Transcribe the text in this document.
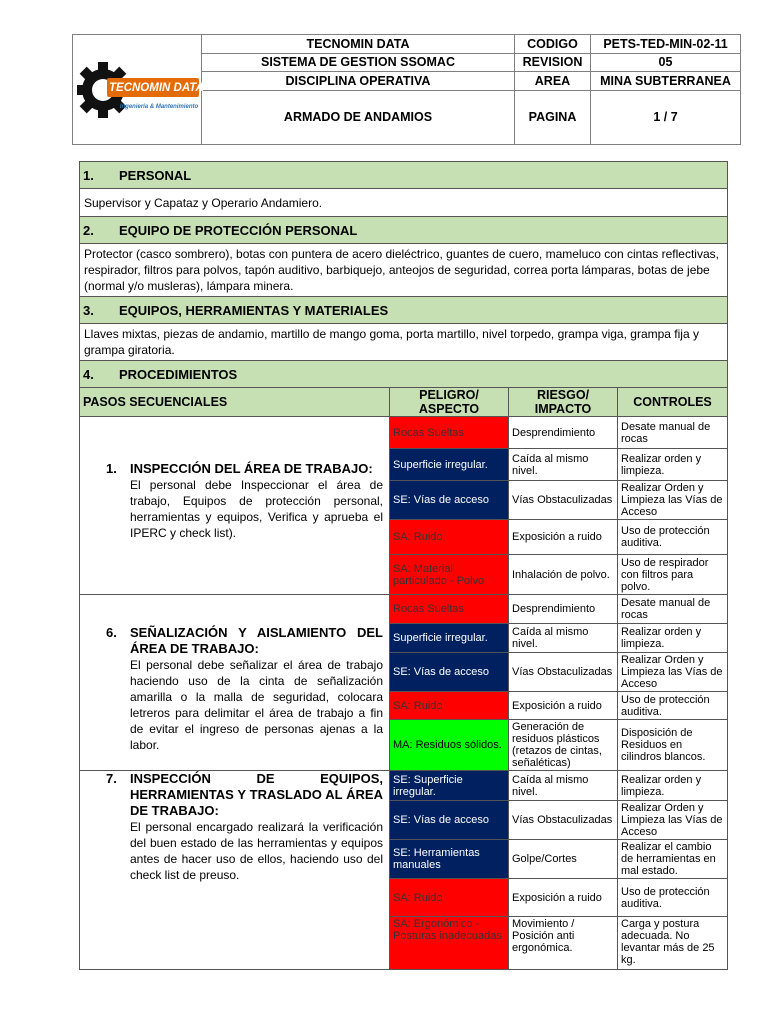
TECNOMIN DATA
Ingeniería & Mantenimiento	TECNOMIN DATA	CODIGO	PETS-TED-MIN-02-11
	SISTEMA DE GESTION SSOMAC	REVISION	05
	DISCIPLINA OPERATIVA	AREA	MINA SUBTERRANEA
	ARMADO DE ANDAMIOS	PAGINA	1 / 7
1. PERSONAL			
Supervisor y Capataz y Operario Andamiero.			
2. EQUIPO DE PROTECCIÓN PERSONAL			
Protector (casco sombrero), botas con puntera de acero dieléctrico, guantes de cuero, mameluco con cintas reflectivas, respirador, filtros para polvos, tapón auditivo, barbiquejo, anteojos de seguridad, correa porta lámparas, botas de jebe (normal y/o musleras), lámpara minera.			
3. EQUIPOS, HERRAMIENTAS Y MATERIALES			
Llaves mixtas, piezas de andamio, martillo de mango goma, porta martillo, nivel torpedo, grampa viga, grampa fija y grampa giratoria.			
4. PROCEDIMIENTOS			
PASOS SECUENCIALES	PELIGRO/ ASPECTO	RIESGO/ IMPACTO	CONTROLES

1. INSPECCIÓN DEL ÁREA DE TRABAJO:
El personal debe Inspeccionar el área de trabajo, Equipos de protección personal, herramientas y equipos, Verifica y aprueba el IPERC y check list).	Rocas Sueltas	Desprendimiento	Desate manual de rocas
	Superficie irregular.	Caída al mismo nivel.	Realizar orden y limpieza.
	SE: Vías de acceso	Vías Obstaculizadas	Realizar Orden y Limpieza las Vías de Acceso
	SA: Ruido	Exposición a ruido	Uso de protección auditiva.
	SA: Material particulado - Polvo	Inhalación de polvo.	Uso de respirador con filtros para polvo.

6. SEÑALIZACIÓN Y AISLAMIENTO DEL ÁREA DE TRABAJO:
El personal debe señalizar el área de trabajo haciendo uso de la cinta de señalización amarilla o la malla de seguridad, colocara letreros para delimitar el área de trabajo a fin de evitar el ingreso de personas ajenas a la labor.	Rocas Sueltas	Desprendimiento	Desate manual de rocas
	Superficie irregular.	Caída al mismo nivel.	Realizar orden y limpieza.
	SE: Vías de acceso	Vías Obstaculizadas	Realizar Orden y Limpieza las Vías de Acceso
	SA: Ruido	Exposición a ruido	Uso de protección auditiva.
	MA: Residuos sólidos.	Generación de residuos plásticos (retazos de cintas, señaléticas)	Disposición de Residuos en cilindros blancos.

7. INSPECCIÓN DE EQUIPOS, HERRAMIENTAS Y TRASLADO AL ÁREA DE TRABAJO:
El personal encargado realizará la verificación del buen estado de las herramientas y equipos antes de hacer uso de ellos, haciendo uso del check list de preuso.	SE: Superficie irregular.	Caída al mismo nivel.	Realizar orden y limpieza.
	SE: Vías de acceso	Vías Obstaculizadas	Realizar Orden y Limpieza las Vías de Acceso
	SE: Herramientas manuales	Golpe/Cortes	Realizar el cambio de herramientas en mal estado.
	SA: Ruido	Exposición a ruido	Uso de protección auditiva.
	SA: Ergonómico - Posturas inadecuadas	Movimiento / Posición anti ergonómica.	Carga y postura adecuada. No levantar más de 25 kg.
